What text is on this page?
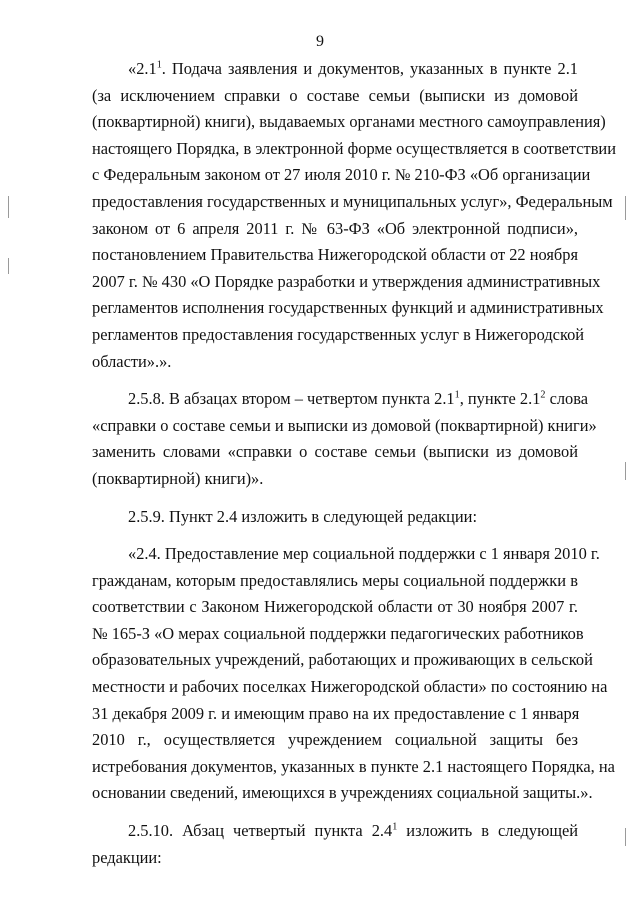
9
«$2.1^1$. Подача заявления и документов, указанных в пункте 2.1
(за исключением справки о составе семьи (выписки из домовой
(поквартирной) книги), выдаваемых органами местного самоуправления)
настоящего Порядка, в электронной форме осуществляется в соответствии
с Федеральным законом от 27 июля 2010 г. № 210-ФЗ «Об организации
предоставления государственных и муниципальных услуг», Федеральным
законом от 6 апреля 2011 г. № 63-ФЗ «Об электронной подписи»,
постановлением Правительства Нижегородской области от 22 ноября
2007 г. № 430 «О Порядке разработки и утверждения административных
регламентов исполнения государственных функций и административных
регламентов предоставления государственных услуг в Нижегородской
области».».
2.5.8. В абзацах втором – четвертом пункта $2.1^1$, пункте $2.1^2$ слова
«справки о составе семьи и выписки из домовой (поквартирной) книги»
заменить словами «справки о составе семьи (выписки из домовой
(поквартирной) книги)».
2.5.9. Пункт 2.4 изложить в следующей редакции:
«2.4. Предоставление мер социальной поддержки с 1 января 2010 г.
гражданам, которым предоставлялись меры социальной поддержки в
соответствии с Законом Нижегородской области от 30 ноября 2007 г.
№ 165-З «О мерах социальной поддержки педагогических работников
образовательных учреждений, работающих и проживающих в сельской
местности и рабочих поселках Нижегородской области» по состоянию на
31 декабря 2009 г. и имеющим право на их предоставление с 1 января
2010 г., осуществляется учреждением социальной защиты без
истребования документов, указанных в пункте 2.1 настоящего Порядка, на
основании сведений, имеющихся в учреждениях социальной защиты.».
2.5.10. Абзац четвертый пункта $2.4^1$ изложить в следующей
редакции:
